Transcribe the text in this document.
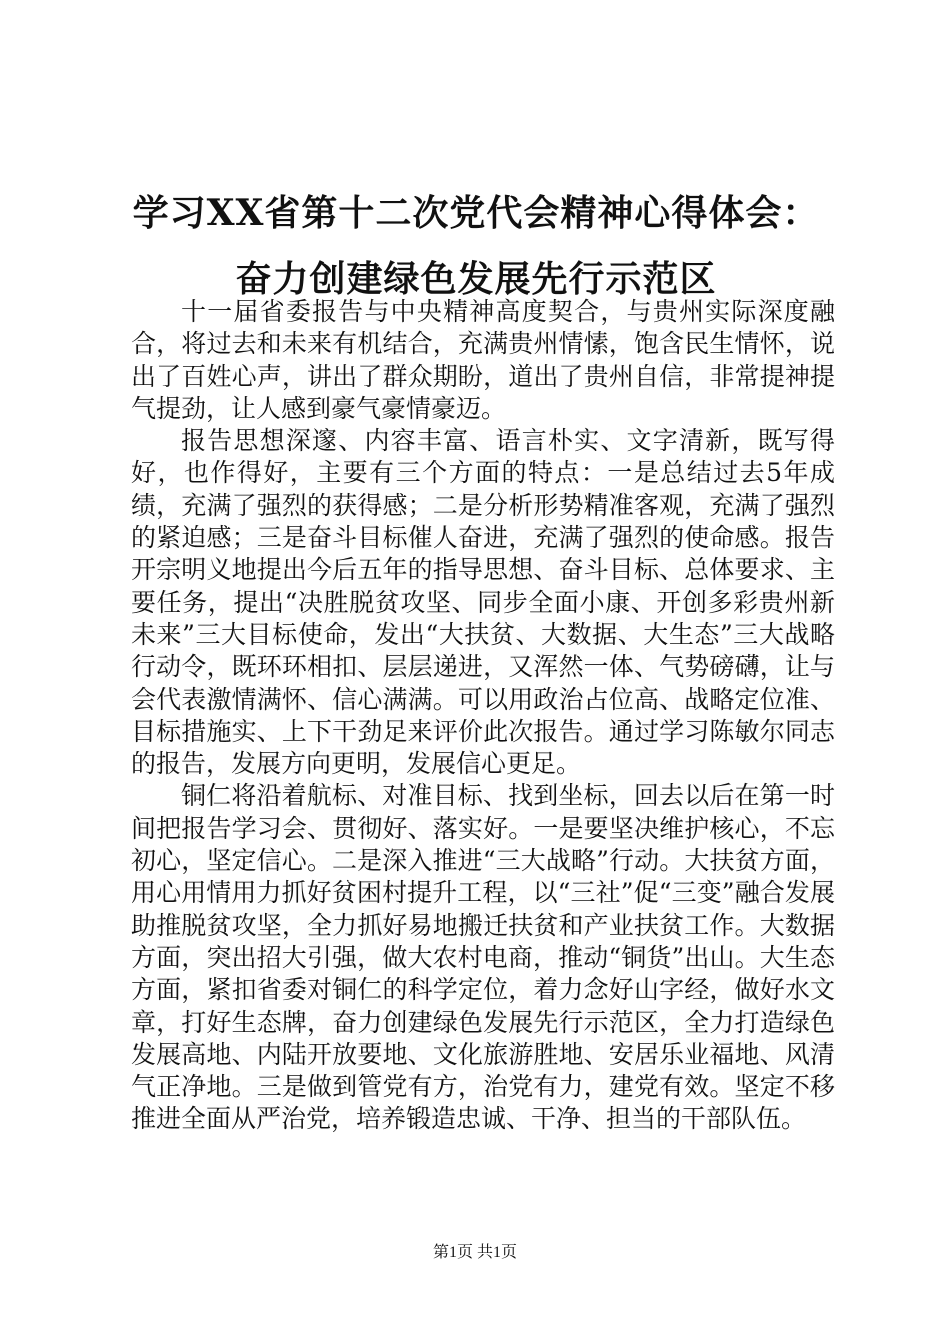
学习XX省第十二次党代会精神心得体会：奋力创建绿色发展先行示范区

十一届省委报告与中央精神高度契合，与贵州实际深度融合，将过去和未来有机结合，充满贵州情愫，饱含民生情怀，说出了百姓心声，讲出了群众期盼，道出了贵州自信，非常提神提气提劲，让人感到豪气豪情豪迈。

报告思想深邃、内容丰富、语言朴实、文字清新，既写得好，也作得好，主要有三个方面的特点：一是总结过去5年成绩，充满了强烈的获得感；二是分析形势精准客观，充满了强烈的紧迫感；三是奋斗目标催人奋进，充满了强烈的使命感。报告开宗明义地提出今后五年的指导思想、奋斗目标、总体要求、主要任务，提出“决胜脱贫攻坚、同步全面小康、开创多彩贵州新未来”三大目标使命，发出“大扶贫、大数据、大生态”三大战略行动令，既环环相扣、层层递进，又浑然一体、气势磅礴，让与会代表激情满怀、信心满满。可以用政治占位高、战略定位准、目标措施实、上下干劲足来评价此次报告。通过学习陈敏尔同志的报告，发展方向更明，发展信心更足。

铜仁将沿着航标、对准目标、找到坐标，回去以后在第一时间把报告学习会、贯彻好、落实好。一是要坚决维护核心，不忘初心，坚定信心。二是深入推进“三大战略”行动。大扶贫方面，用心用情用力抓好贫困村提升工程，以“三社”促“三变”融合发展助推脱贫攻坚，全力抓好易地搬迁扶贫和产业扶贫工作。大数据方面，突出招大引强，做大农村电商，推动“铜货”出山。大生态方面，紧扣省委对铜仁的科学定位，着力念好山字经，做好水文章，打好生态牌，奋力创建绿色发展先行示范区，全力打造绿色发展高地、内陆开放要地、文化旅游胜地、安居乐业福地、风清气正净地。三是做到管党有方，治党有力，建党有效。坚定不移推进全面从严治党，培养锻造忠诚、干净、担当的干部队伍。

第1页 共1页
